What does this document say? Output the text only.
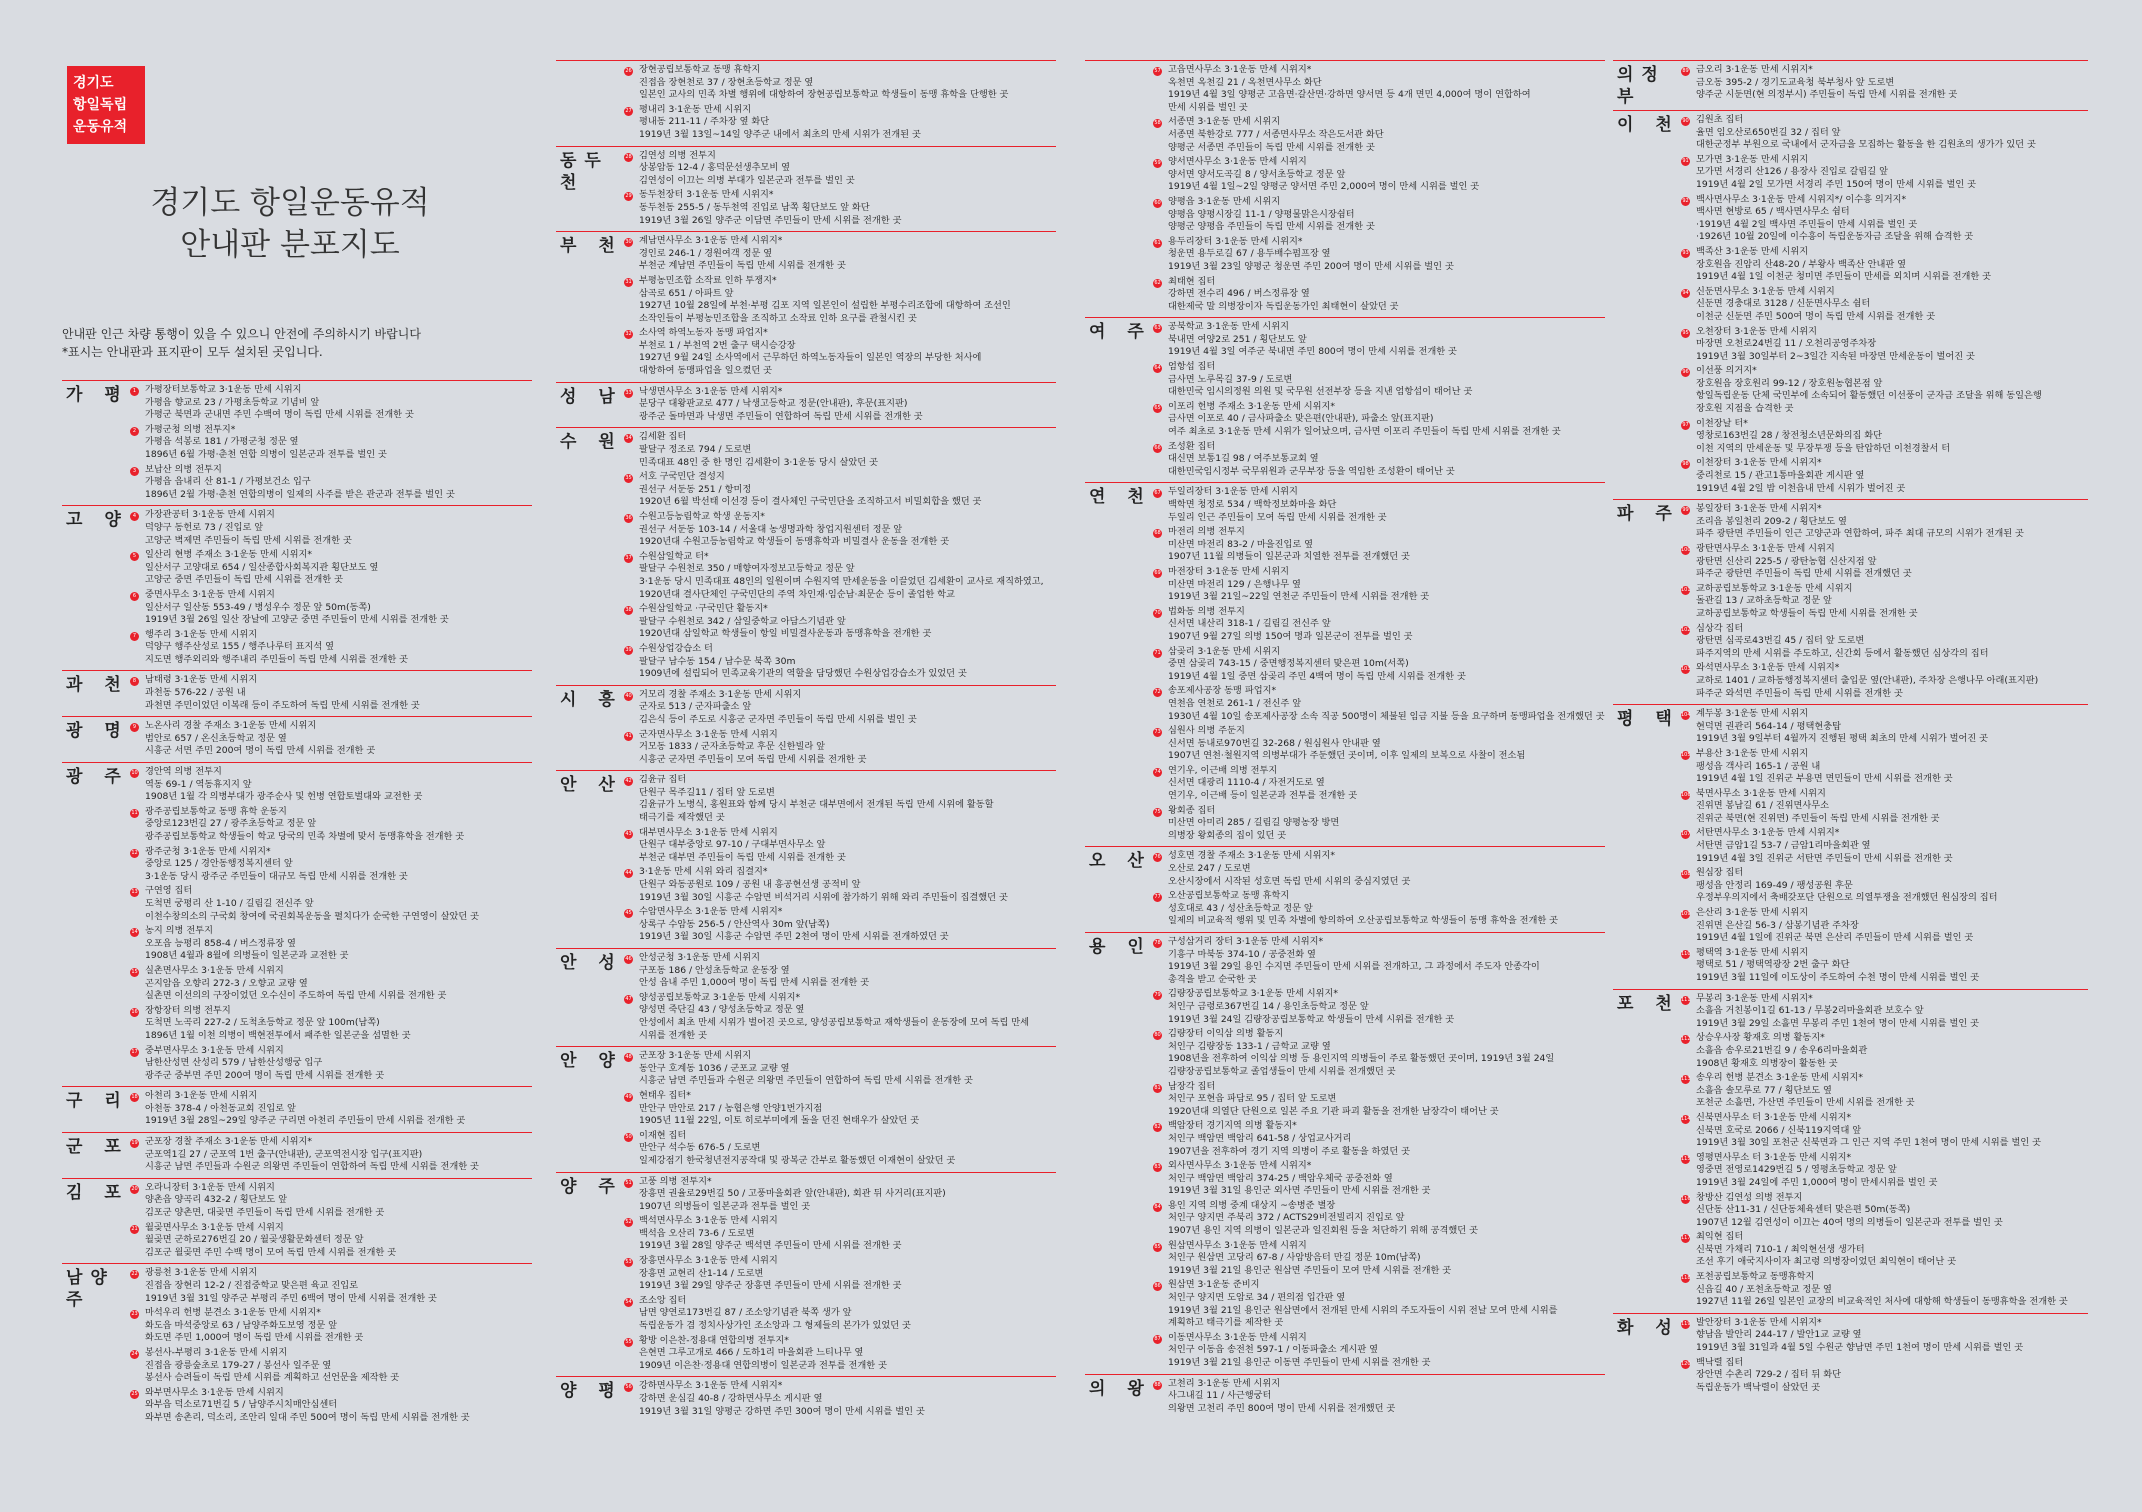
경기도
항일독립
운동유적
경기도 항일운동유적
안내판 분포지도
안내판 인근 차량 통행이 있을 수 있으니 안전에 주의하시기 바랍니다
*표시는 안내판과 표지판이 모두 설치된 곳입니다.
가 평 1 가평장터보통학교 3·1운동 만세 시위지
가평읍 향교로 23 / 가평초등학교 기념비 앞
가평군 북면과 군내면 주민 수백여 명이 독립 만세 시위를 전개한 곳
2 가평군청 의병 전투지*
가평읍 석봉로 181 / 가평군청 정문 옆
1896년 6월 가평·춘천 연합 의병이 일본군과 전투를 벌인 곳
3 보납산 의병 전투지
가평읍 읍내리 산 81-1 / 가평보건소 입구
1896년 2월 가평·춘천 연합의병이 일제의 사주를 받은 관군과 전투를 벌인 곳
고 양 4 가장관공터 3·1운동 만세 시위지
덕양구 동헌로 73 / 진입로 앞
고양군 벽제면 주민들이 독립 만세 시위를 전개한 곳
5 일산리 현병 주재소 3·1운동 만세 시위지*
일산서구 고양대로 654 / 일산종합사회복지관 횡단보도 옆
고양군 중면 주민들이 독립 만세 시위를 전개한 곳
6 중면사무소 3·1운동 만세 시위지
일산서구 일산동 553-49 / 병성우수 정문 앞 50m(동쪽)
1919년 3월 26일 일산 장날에 고양군 중면 주민들이 만세 시위를 전개한 곳
7 행주리 3·1운동 만세 시위지
덕양구 행주산성로 155 / 행주나루터 표지석 옆
지도면 행주외리와 행주내리 주민들이 독립 만세 시위를 전개한 곳
과 천 8 남태령 3·1운동 만세 시위지
과천동 576-22 / 공원 내
과천면 주민이었던 이복래 등이 주도하여 독립 만세 시위를 전개한 곳
광 명 9 노온사리 경찰 주재소 3·1운동 만세 시위지
범안로 657 / 온신초등학교 정문 옆
시흥군 서면 주민 200여 명이 독립 만세 시위를 전개한 곳
광 주 10 경안역 의병 전투지
역동 69-1 / 역동휴지지 앞
1908년 1월 각 의병부대가 광주순사 및 헌병 연합토벌대와 교전한 곳
11 광주공립보통학교 동맹 휴학 운동지
중앙로123번길 27 / 광주초등학교 정문 앞
광주공립보통학교 학생들이 학교 당국의 민족 차별에 맞서 동맹휴학을 전개한 곳
12 광주군청 3·1운동 만세 시위지*
중앙로 125 / 경안동행정복지센터 앞
3·1운동 당시 광주군 주민들이 대규모 독립 만세 시위를 전개한 곳
13 구연영 집터
도척면 궁평리 산 1-10 / 길림길 전신주 앞
이천수창의소의 구국회 창여에 국권회복운동을 펼치다가 순국한 구연영이 살았던 곳
14 농지 의병 전투지
오포읍 능평리 858-4 / 버스정류장 옆
1908년 4월과 8월에 의병들이 일본군과 교전한 곳
15 실촌면사무소 3·1운동 만세 시위지
곤지암읍 오향리 272-3 / 오향교 교량 옆
실촌면 이선의의 구장이었던 오수신이 주도하여 독립 만세 시위를 전개한 곳
16 장항장터 의병 전투지
도척면 노곡리 227-2 / 도척초등학교 정문 앞 100m(남쪽)
1896년 1월 이천 의병이 백현전투에서 패주한 일본군을 섬멸한 곳
17 중부면사무소 3·1운동 만세 시위지
남한산성면 산성리 579 / 남한산성행궁 입구
광주군 중부면 주민 200여 명이 독립 만세 시위를 전개한 곳
구 리 18 아천리 3·1운동 만세 시위지
아천동 378-4 / 아천동교회 진입로 앞
1919년 3월 28일~29일 양주군 구리면 아천리 주민들이 만세 시위를 전개한 곳
군 포 19 군포장 경찰 주재소 3·1운동 만세 시위지*
군포역1길 27 / 군포역 1번 출구(안내판), 군포역전시장 입구(표지판)
시흥군 남면 주민들과 수원군 의왕면 주민들이 연합하여 독립 만세 시위를 전개한 곳
김 포 20 오라니장터 3·1운동 만세 시위지
양촌읍 양곡리 432-2 / 횡단보도 앞
김포군 양촌면, 대곶면 주민들이 독립 만세 시위를 전개한 곳
21 월곶면사무소 3·1운동 만세 시위지
월곶면 군하로276번길 20 / 월곶생활문화센터 정문 앞
김포군 월곶면 주민 수백 명이 모여 독립 만세 시위를 전개한 곳
남양주
22 광릉천 3·1운동 만세 시위지
진접읍 장현리 12-2 / 진접중학교 맞은편 육교 진입로
1919년 3월 31일 양주군 부평리 주민 6백여 명이 만세 시위를 전개한 곳
23 마석우리 헌병 분견소 3·1운동 만세 시위지*
화도읍 마석중앙로 63 / 남양주화도보영 정문 앞
화도면 주민 1,000여 명이 독립 만세 시위를 전개한 곳
24 봉선사-부평리 3·1운동 만세 시위지
진접읍 광릉숲초로 179-27 / 봉선사 일주문 옆
봉선사 승려들이 독립 만세 시위를 계획하고 선언문을 제작한 곳
25 와부면사무소 3·1운동 만세 시위지
와부읍 덕소로71번길 5 / 남양주시치매안심센터
와부면 송촌리, 덕소리, 조안리 일대 주민 500여 명이 독립 만세 시위를 전개한 곳
26 장현공립보통학교 동맹 휴학지
진접읍 장현천로 37 / 장현초등학교 정문 옆
일본인 교사의 민족 차별 행위에 대항하여 장현공립보통학교 학생들이 동맹 휴학을 단행한 곳
27 평내리 3·1운동 만세 시위지
평내동 211-11 / 주차장 옆 화단
1919년 3월 13일~14일 양주군 내에서 최초의 만세 시위가 전개된 곳
동두천
28 김연성 의병 전투지
상봉암동 12-4 / 홍덕문선생추모비 옆
김연성이 이끄는 의병 부대가 일본군과 전투를 벌인 곳
29 동두천장터 3·1운동 만세 시위지*
동두천동 255-5 / 동두천역 진입로 남쪽 횡단보도 앞 화단
1919년 3월 26일 양주군 이담면 주민들이 만세 시위를 전개한 곳
부 천 30 계남면사무소 3·1운동 만세 시위지*
경인로 246-1 / 경원여객 정문 옆
부천군 계남면 주민들이 독립 만세 시위를 전개한 곳
31 부평농민조합 소작료 인하 투쟁지*
삼곡로 651 / 아파트 앞
1927년 10월 28일에 부천·부평 김포 지역 일본인이 설립한 부평수리조합에 대항하여 조선인
소작인들이 부평농민조합을 조직하고 소작료 인하 요구를 관철시킨 곳
32 소사역 하역노동자 동맹 파업지*
부천로 1 / 부천역 2번 출구 택시승강장
1927년 9월 24일 소사역에서 근무하던 하역노동자들이 일본인 역장의 부당한 처사에
대항하여 동맹파업을 일으켰던 곳
성 남 33 낙생면사무소 3·1운동 만세 시위지*
분당구 대왕판교로 477 / 낙생고등학교 정문(안내판), 후문(표지판)
광주군 돌마면과 낙생면 주민들이 연합하여 독립 만세 시위를 전개한 곳
수 원 34 김세환 집터
팔달구 정조로 794 / 도로변
민족대표 48인 중 한 명인 김세환이 3·1운동 당시 살았던 곳
35 서호 구국민단 결성지
권선구 서둔동 251 / 항미정
1920년 6월 박선태 이선경 등이 결사체인 구국민단을 조직하고서 비밀회합을 했던 곳
36 수원고등농림학교 학생 운동지*
권선구 서둔동 103-14 / 서울대 농생명과학 창업지원센터 정문 앞
1920년대 수원고등농림학교 학생들이 동맹휴학과 비밀결사 운동을 전개한 곳
37 수원삼일학교 터*
팔달구 수원천로 350 / 매향여자정보고등학교 정문 앞
3·1운동 당시 민족대표 48인의 일원이며 수원지역 만세운동을 이끌었던 김세환이 교사로 재직하였고,
1920년대 결사단체인 구국민단의 주역 차인재·임순남·최문순 등이 졸업한 학교
38 수원삼일학교 ·구국민단 활동지*
팔달구 수원천로 342 / 삼일중학교 아담스기념관 앞
1920년대 삼일학교 학생들이 항일 비밀결사운동과 동맹휴학을 전개한 곳
39 수원상업강습소 터
팔달구 남수동 154 / 남수문 북쪽 30m
1909년에 설립되어 민족교육기관의 역할을 담당했던 수원상업강습소가 있었던 곳
시 흥 40 거모리 경찰 주재소 3·1운동 만세 시위지
군자로 513 / 군자파출소 앞
김은식 등이 주도로 시흥군 군자면 주민들이 독립 만세 시위를 벌인 곳
41 군자면사무소 3·1운동 만세 시위지
거모동 1833 / 군자초등학교 후문 신한빌라 앞
시흥군 군자면 주민들이 모여 독립 만세 시위를 전개한 곳
안 산 42 김윤규 집터
단원구 목주길11 / 집터 앞 도로변
김윤규가 노병식, 홍원표와 함께 당시 부천군 대부면에서 전개된 독립 만세 시위에 활동할
태극기를 제작했던 곳
43 대부면사무소 3·1운동 만세 시위지
단원구 대부중앙로 97-10 / 구대부면사무소 앞
부천군 대부면 주민들이 독립 만세 시위를 전개한 곳
44 3·1운동 만세 시위 와리 집결지*
단원구 와동공원로 109 / 공원 내 흥공현선생 공적비 앞
1919년 3월 30일 시흥군 수암면 비석거리 시위에 참가하기 위해 와리 주민들이 집결했던 곳
45 수암면사무소 3·1운동 만세 시위지*
상록구 수암동 256-5 / 안산역사 30m 앞(남쪽)
1919년 3월 30일 시흥군 수암면 주민 2천여 명이 만세 시위를 전개하였던 곳
안 성 46 안성군청 3·1운동 만세 시위지
구포동 186 / 안성초등학교 운동장 옆
안성 읍내 주민 1,000여 명이 독립 만세 시위를 전개한 곳
47 양성공립보통학교 3·1운동 만세 시위지*
양성면 죽단길 43 / 양성초등학교 정문 옆
안성에서 최초 만세 시위가 벌어진 곳으로, 양성공립보통학교 재학생들이 운동장에 모여 독립 만세
시위를 전개한 곳
안 양 48 군포장 3·1운동 만세 시위지
동안구 호계동 1036 / 군포교 교량 옆
시흥군 남면 주민들과 수원군 의왕면 주민들이 연합하여 독립 만세 시위를 전개한 곳
49 현태우 집터*
만안구 만안로 217 / 농협은행 안양1번가지점
1905년 11월 22일, 이토 히로부미에게 돌을 던진 현태우가 살았던 곳
50 이재현 집터
만안구 석수동 676-5 / 도로변
일제강점기 한국청년전지공작대 및 광복군 간부로 활동했던 이재현이 살았던 곳
양 주 51 고풍 의병 전투지*
장흥면 권율로29번길 50 / 고풍마을회관 앞(안내판), 회관 뒤 사거리(표지판)
1907년 의병들이 일본군과 전투를 벌인 곳
52 백석면사무소 3·1운동 만세 시위지
백석읍 오산리 73-6 / 도로변
1919년 3월 28일 양주군 백석면 주민들이 만세 시위를 전개한 곳
53 장흥면사무소 3·1운동 만세 시위지
장흥면 교현리 산1-14 / 도로변
1919년 3월 29일 양주군 장흥면 주민들이 만세 시위를 전개한 곳
54 조소앙 집터
남면 양연로173번길 87 / 조소앙기념관 북쪽 생가 앞
독립운동가 겸 정치사상가인 조소앙과 그 형제들의 본가가 있었던 곳
55 황방 이은찬-정용대 연합의병 전투지*
은현면 그루고개로 466 / 도하1리 마을회관 느티나무 옆
1909년 이은찬·정용대 연합의병이 일본군과 전투를 전개한 곳
양 평 56 강하면사무소 3·1운동 만세 시위지*
강하면 운심길 40-8 / 강하면사무소 게시판 옆
1919년 3월 31일 양평군 강하면 주민 300여 명이 만세 시위를 벌인 곳
57 고읍면사무소 3·1운동 만세 시위지*
옥천면 옥천길 21 / 옥천면사무소 화단
1919년 4월 3일 양평군 고읍면·갈산면·강하면 양서면 등 4개 면민 4,000여 명이 연합하여
만세 시위를 벌인 곳
58 서종면 3·1운동 만세 시위지
서종면 북한강로 777 / 서종면사무소 작은도서관 화단
양평군 서종면 주민들이 독립 만세 시위를 전개한 곳
59 양서면사무소 3·1운동 만세 시위지
양서면 양서도곡길 8 / 양서초등학교 정문 앞
1919년 4월 1일~2일 양평군 양서면 주민 2,000여 명이 만세 시위를 벌인 곳
60 양평읍 3·1운동 만세 시위지
양평읍 양평시장길 11-1 / 양평물맑은시장쉼터
양평군 양평읍 주민들이 독립 만세 시위를 전개한 곳
61 용두리장터 3·1운동 만세 시위지*
청운면 용두로길 67 / 용두배수펌프장 옆
1919년 3월 23일 양평군 청운면 주민 200여 명이 만세 시위를 벌인 곳
62 최태현 집터
강하면 전수리 496 / 버스정류장 옆
대한제국 말 의병장이자 독립운동가인 최태현이 살았던 곳
여 주 63 공북학교 3·1운동 만세 시위지
북내면 여양2로 251 / 횡단보도 앞
1919년 4월 3일 여주군 북내면 주민 800여 명이 만세 시위를 전개한 곳
64 엄항섭 집터
금사면 노루목길 37-9 / 도로변
대한민국 임시의정원 의원 및 국무원 선전부장 등을 지낸 엄항섭이 태어난 곳
65 이포리 헌병 주재소 3·1운동 만세 시위지*
금사면 이포로 40 / 금사파출소 맞은편(안내판), 파출소 앞(표지판)
여주 최초로 3·1운동 만세 시위가 일어났으며, 금사면 이포리 주민들이 독립 만세 시위를 전개한 곳
66 조성환 집터
대신면 보통1길 98 / 여주보통교회 옆
대한민국임시정부 국무위원과 군무부장 등을 역임한 조성환이 태어난 곳
연 천 67 두일리장터 3·1운동 만세 시위지
백학면 청정로 534 / 백학정보화마을 화단
두일리 인근 주민들이 모여 독립 만세 시위를 전개한 곳
68 마전리 의병 전투지
미산면 마전리 83-2 / 마을진입로 옆
1907년 11월 의병들이 일본군과 치열한 전투를 전개했던 곳
69 마전장터 3·1운동 만세 시위지
미산면 마전리 129 / 은행나무 옆
1919년 3월 21일~22일 연천군 주민들이 만세 시위를 전개한 곳
70 법화동 의병 전투지
신서면 내산리 318-1 / 길림길 전신주 앞
1907년 9월 27일 의병 150여 명과 일본군이 전투를 벌인 곳
71 삼곶리 3·1운동 만세 시위지
중면 삼곶리 743-15 / 중면행정복지센터 맞은편 10m(서쪽)
1919년 4월 1일 중면 삼곶리 주민 4백여 명이 독립 만세 시위를 전개한 곳
72 송포제사공장 동맹 파업지*
연천읍 연천로 261-1 / 전신주 앞
1930년 4월 10일 송포제사공장 소속 직공 500명이 체불된 임금 지불 등을 요구하며 동맹파업을 전개했던 곳
73 심원사 의병 주둔지
신서면 동내로970번길 32-268 / 원심원사 안내판 옆
1907년 연천·철원지역 의병부대가 주둔했던 곳이며, 이후 일제의 보복으로 사찰이 전소됨
74 연기우, 이근배 의병 전투지
신서면 대광리 1110-4 / 자전거도로 옆
연기우, 이근배 등이 일본군과 전투를 전개한 곳
75 왕회종 집터
미산면 아미리 285 / 길림길 양평농장 방면
의병장 왕회종의 집이 있던 곳
오 산 76 성호면 경찰 주재소 3·1운동 만세 시위지*
오산로 247 / 도로변
오산시장에서 시작된 성호면 독립 만세 시위의 중심지였던 곳
77 오산공립보통학교 동맹 휴학지
성호대로 43 / 성산초등학교 정문 앞
일제의 비교육적 행위 및 민족 차별에 항의하여 오산공립보통학교 학생들이 동맹 휴학을 전개한 곳
용 인 78 구성삼거리 장터 3·1운동 만세 시위지*
기흥구 마북동 374-10 / 공중전화 옆
1919년 3월 29일 용인 수지면 주민들이 만세 시위를 전개하고, 그 과정에서 주도자 안종각이
총격을 받고 순국한 곳
79 김량장공립보통학교 3·1운동 만세 시위지*
처인구 금령로367번길 14 / 용인초등학교 정문 앞
1919년 3월 24일 김량장공립보통학교 학생들이 만세 시위를 전개한 곳
80 김량장터 이익삼 의병 활동지
처인구 김량장동 133-1 / 금학교 교량 옆
1908년을 전후하여 이익삼 의병 등 용인지역 의병들이 주로 활동했던 곳이며, 1919년 3월 24일
김량장공립보통학교 졸업생들이 만세 시위를 전개했던 곳
81 남장각 집터
처인구 포현읍 파담로 95 / 집터 앞 도로변
1920년대 의열단 단원으로 일본 주요 기관 파괴 활동을 전개한 남장각이 태어난 곳
82 백암장터 경기지역 의병 활동지*
처인구 백암면 백암리 641-58 / 상업교사거리
1907년을 전후하여 경기 지역 의병이 주로 활동을 하였던 곳
83 외사면사무소 3·1운동 만세 시위지*
처인구 백암면 백암리 374-25 / 백암우체국 공중전화 옆
1919년 3월 31일 용인군 외사면 주민들이 만세 시위를 전개한 곳
84 용인 지역 의병 중계 대상지 ~송병준 별장
처인구 양지면 주북리 372 / ACTS29비전빌리지 진입로 앞
1907년 용인 지역 의병이 일본군과 일진회원 등을 처단하기 위해 공격했던 곳
85 원삼면사무소 3·1운동 만세 시위지
처인구 원삼면 고당리 67-8 / 사암방음터 만길 정문 10m(남쪽)
1919년 3월 21일 용인군 원삼면 주민들이 모여 만세 시위를 전개한 곳
86 원삼면 3·1운동 준비지
처인구 양지면 도암로 34 / 편의점 입간판 옆
1919년 3월 21일 용인군 원삼면에서 전개된 만세 시위의 주도자들이 시위 전날 모여 만세 시위를
계획하고 태극기를 제작한 곳
87 이동면사무소 3·1운동 만세 시위지
처인구 이동읍 송전천 597-1 / 이동파출소 게시판 옆
1919년 3월 21일 용인군 이동면 주민들이 만세 시위를 전개한 곳
의 왕 88 고천리 3·1운동 만세 시위지
사그내길 11 / 사근행궁터
의왕면 고천리 주민 800여 명이 만세 시위를 전개했던 곳
의정부
89 금오리 3·1운동 만세 시위지*
금오동 395-2 / 경기도교육청 북부청사 앞 도로변
양주군 시둔면(현 의정부시) 주민들이 독립 만세 시위를 전개한 곳
이 천 90 김원초 집터
율면 임오산로650번길 32 / 집터 앞
대한군정부 부원으로 국내에서 군자금을 모집하는 활동을 한 김원초의 생가가 있던 곳
91 모가면 3·1운동 만세 시위지
모가면 서경리 산126 / 용장사 진입로 갈림길 앞
1919년 4월 2일 모가면 서경리 주민 150여 명이 만세 시위를 벌인 곳
92 백사면사무소 3·1운동 만세 시위지*/ 이수흥 의거지*
백사면 현방로 65 / 백사면사무소 쉼터
·1919년 4월 2일 백사면 주민들이 만세 시위를 벌인 곳
·1926년 10월 20일에 이수흥이 독립운동자금 조달을 위해 습격한 곳
93 백족산 3·1운동 만세 시위지
장호원읍 진암리 산48-20 / 부왕사 백족산 안내판 옆
1919년 4월 1일 이천군 청미면 주민들이 만세를 외치며 시위를 전개한 곳
94 신둔면사무소 3·1운동 만세 시위지
신둔면 경충대로 3128 / 신둔면사무소 쉼터
이천군 신둔면 주민 500여 명이 독립 만세 시위를 전개한 곳
95 오천장터 3·1운동 만세 시위지
마장면 오천로24번길 11 / 오천리공영주차장
1919년 3월 30일부터 2~3일간 지속된 마장면 만세운동이 벌어진 곳
96 이선풍 의거지*
장호원읍 장호원리 99-12 / 장호원농협본점 앞
항일독립운동 단체 국민부에 소속되어 활동했던 이선풍이 군자금 조달을 위해 동일은행
장호원 지점을 습격한 곳
97 이천장날 터*
영창로163번길 28 / 창전청소년문화의집 화단
이천 지역의 만세운동 및 무장투쟁 등을 탄압하던 이천경찰서 터
98 이천장터 3·1운동 만세 시위지*
중리천로 15 / 관고1통마을회관 게시판 옆
1919년 4월 2일 밤 이천읍내 만세 시위가 벌어진 곳
파 주 99 봉일장터 3·1운동 만세 시위지*
조리읍 봉일천리 209-2 / 횡단보도 옆
파주 광탄면 주민들이 인근 고양군과 연합하여, 파주 최대 규모의 시위가 전개된 곳
100 광탄면사무소 3·1운동 만세 시위지
광탄면 신산리 225-5 / 광탄농협 신산지점 앞
파주군 광탄면 주민들이 독립 만세 시위를 전개했던 곳
101 교하공립보통학교 3·1운동 만세 시위지
돌관길 13 / 교하초등학교 정문 앞
교하공립보통학교 학생들이 독립 만세 시위를 전개한 곳
102 심상각 집터
광탄면 심곡로43번길 45 / 집터 앞 도로변
파주지역의 만세 시위를 주도하고, 신간회 등에서 활동했던 심상각의 집터
103 와석면사무소 3·1운동 만세 시위지*
교하로 1401 / 교하동행정복지센터 출입문 옆(안내판), 주차장 은행나무 아래(표지판)
파주군 와석면 주민들이 독립 만세 시위를 전개한 곳
평 택 104 계두봉 3·1운동 만세 시위지
현덕면 권관리 564-14 / 평택현충탑
1919년 3월 9일부터 4월까지 진행된 평택 최초의 만세 시위가 벌어진 곳
105 부용산 3·1운동 만세 시위지
팽성읍 객사리 165-1 / 공원 내
1919년 4월 1일 진위군 부용면 면민들이 만세 시위를 전개한 곳
106 북면사무소 3·1운동 만세 시위지
진위면 봉남길 61 / 진위면사무소
진위군 북면(현 진위면) 주민들이 독립 만세 시위를 전개한 곳
107 서탄면사무소 3·1운동 만세 시위지*
서탄면 금암1길 53-7 / 금암1리마을회관 옆
1919년 4월 3일 진위군 서탄면 주민들이 만세 시위를 전개한 곳
108 원심장 집터
팽성읍 안정리 169-49 / 팽성공원 후문
우정부우의지에서 축배갖포단 단원으로 의열투쟁을 전개했던 원심장의 집터
109 은산리 3·1운동 만세 시위지
진위면 은산길 56-3 / 삼봉기념관 주차장
1919년 4월 1일에 진위군 북면 은산리 주민들이 만세 시위를 벌인 곳
110 평택역 3·1운동 만세 시위지
평택로 51 / 평택역광장 2번 출구 화단
1919년 3월 11일에 이도상이 주도하여 수천 명이 만세 시위를 벌인 곳
포 천 111 무봉리 3·1운동 만세 시위지*
소흘읍 거친봉이1길 61-13 / 무봉2리마을회관 보호수 앞
1919년 3월 29일 소흘면 무봉리 주민 1천여 명이 만세 시위를 벌인 곳
112 상승우사장 황재호 의병 활동지*
소흘읍 송우로21번길 9 / 송우6리마을회관
1908년 황재호 의병장이 활동한 곳
113 송우리 헌병 분견소 3·1운동 만세 시위지*
소흘읍 솔모루로 77 / 횡단보도 옆
포천군 소흘면, 가산면 주민들이 만세 시위를 전개한 곳
114 신북면사무소 터 3·1운동 만세 시위지*
신북면 호국로 2066 / 신북119지역대 앞
1919년 3월 30일 포천군 신북면과 그 인근 지역 주민 1천여 명이 만세 시위를 벌인 곳
115 영평면사무소 터 3·1운동 만세 시위지*
영중면 전영로1429번길 5 / 영평초등학교 정문 앞
1919년 3월 24일에 주민 1,000여 명이 만세시위를 벌인 곳
116 창방산 김연성 의병 전투지
신단동 산11-31 / 신단동체육센터 맞은편 50m(동쪽)
1907년 12월 김연성이 이끄는 40여 명의 의병들이 일본군과 전투를 벌인 곳
117 최익현 집터
신북면 가채리 710-1 / 최익현선생 생가터
조선 후기 애국지사이자 최고령 의병장이었던 최익현이 태어난 곳
118 포천공립보통학교 동맹휴학지
신읍길 40 / 포천초등학교 정문 옆
1927년 11월 26일 일본인 교장의 비교육적인 처사에 대항해 학생들이 동맹휴학을 전개한 곳
화 성 119 발안장터 3·1운동 만세 시위지*
향남읍 발안리 244-17 / 발안1교 교량 옆
1919년 3월 31일과 4월 5일 수원군 향남면 주민 1천여 명이 만세 시위를 벌인 곳
120 백낙렬 집터
장안면 수촌리 729-2 / 집터 뒤 화단
독립운동가 백낙렬이 살았던 곳
